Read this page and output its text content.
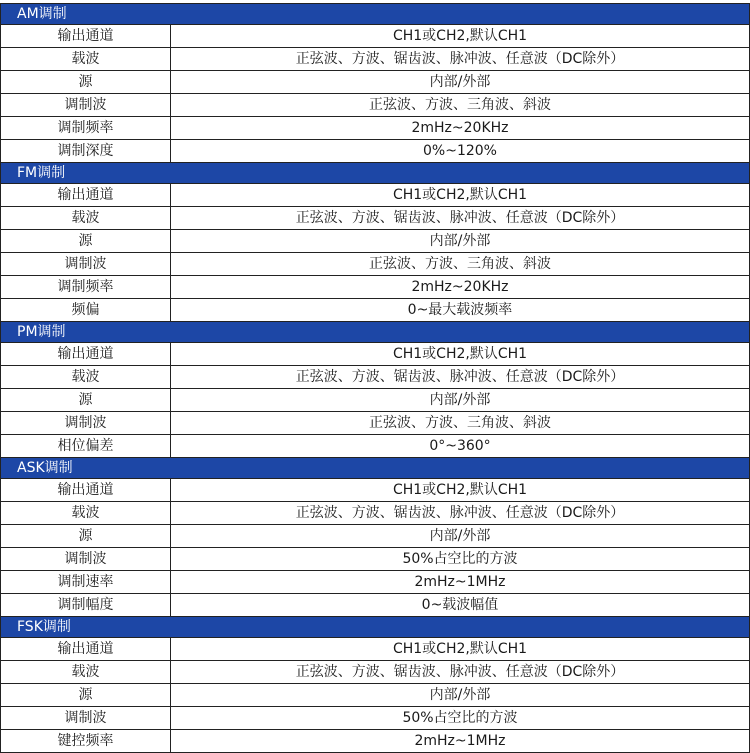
AM调制
输出通道	CH1或CH2,默认CH1
载波	正弦波、方波、锯齿波、脉冲波、任意波（DC除外）
源	内部/外部
调制波	正弦波、方波、三角波、斜波
调制频率	2mHz~20KHz
调制深度	0%~120%
FM调制
输出通道	CH1或CH2,默认CH1
载波	正弦波、方波、锯齿波、脉冲波、任意波（DC除外）
源	内部/外部
调制波	正弦波、方波、三角波、斜波
调制频率	2mHz~20KHz
频偏	0~最大载波频率
PM调制
输出通道	CH1或CH2,默认CH1
载波	正弦波、方波、锯齿波、脉冲波、任意波（DC除外）
源	内部/外部
调制波	正弦波、方波、三角波、斜波
相位偏差	0°~360°
ASK调制
输出通道	CH1或CH2,默认CH1
载波	正弦波、方波、锯齿波、脉冲波、任意波（DC除外）
源	内部/外部
调制波	50%占空比的方波
调制速率	2mHz~1MHz
调制幅度	0~载波幅值
FSK调制
输出通道	CH1或CH2,默认CH1
载波	正弦波、方波、锯齿波、脉冲波、任意波（DC除外）
源	内部/外部
调制波	50%占空比的方波
键控频率	2mHz~1MHz
